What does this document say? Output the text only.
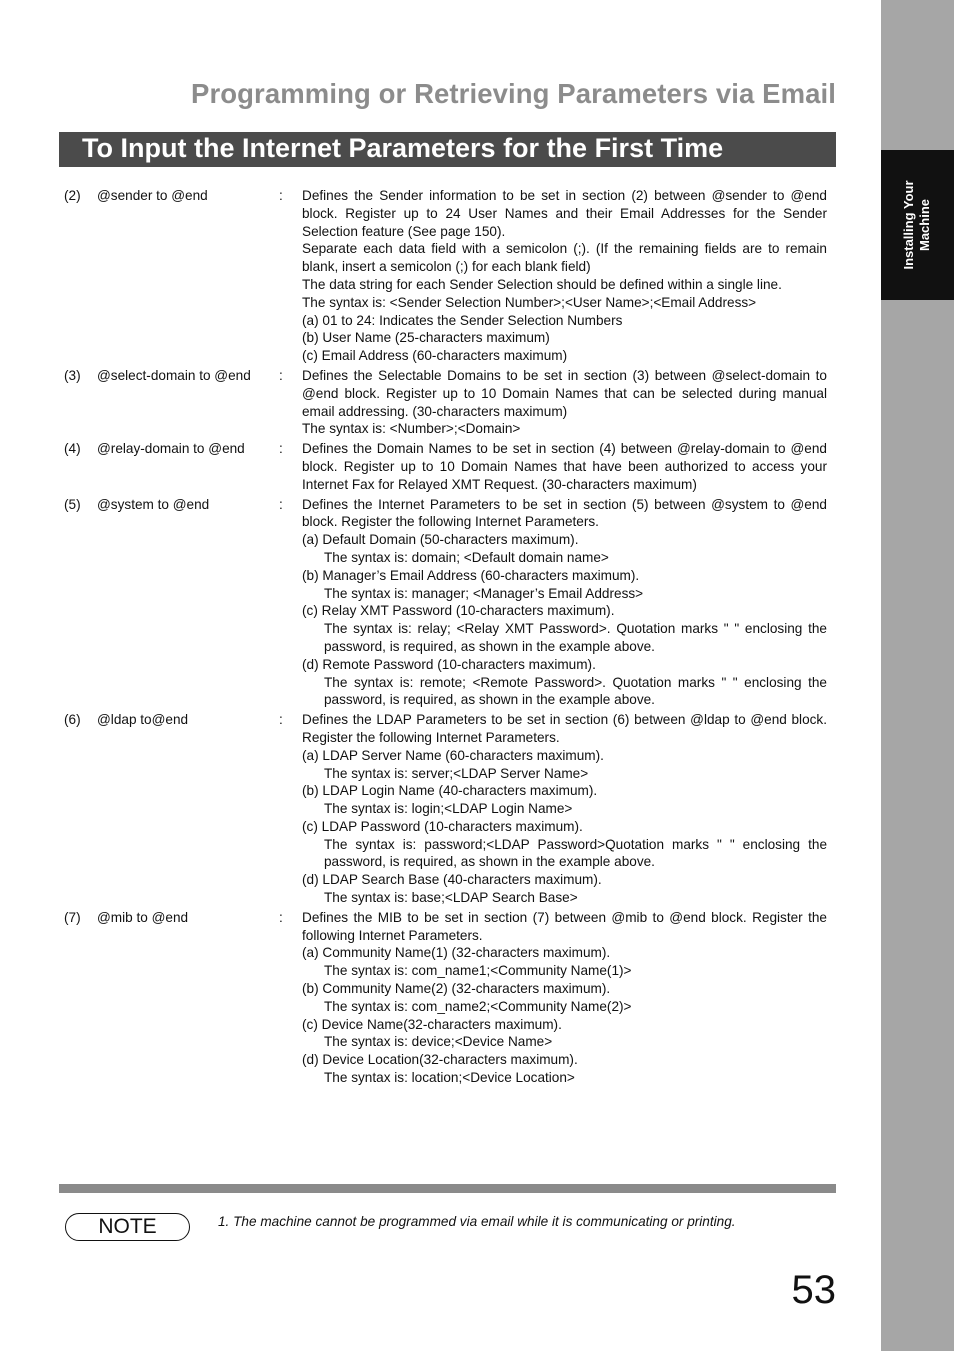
Installing Your
Machine
Programming or Retrieving Parameters via Email
To Input the Internet Parameters for the First Time
(2) @sender to @end	: Defines the Sender information to be set in section (2) between @sender to @end block. Register up to 24 User Names and their Email Addresses for the Sender Selection feature (See page 150).
Separate each data field with a semicolon (;). (If the remaining fields are to remain blank, insert a semicolon (;) for each blank field)
The data string for each Sender Selection should be defined within a single line.
The syntax is: <Sender Selection Number>;<User Name>;<Email Address>
(a) 01 to 24: Indicates the Sender Selection Numbers
(b) User Name (25-characters maximum)
(c) Email Address (60-characters maximum)
(3) @select-domain to @end : Defines the Selectable Domains to be set in section (3) between @select-domain to @end block. Register up to 10 Domain Names that can be selected during manual email addressing. (30-characters maximum)
The syntax is: <Number>;<Domain>
(4) @relay-domain to @end	: Defines the Domain Names to be set in section (4) between @relay-domain to @end block. Register up to 10 Domain Names that have been authorized to access your Internet Fax for Relayed XMT Request. (30-characters maximum)
(5) @system to @end	: Defines the Internet Parameters to be set in section (5) between @system to @end block. Register the following Internet Parameters.
(a) Default Domain (50-characters maximum).
The syntax is: domain; <Default domain name>
(b) Manager’s Email Address (60-characters maximum).
The syntax is: manager; <Manager’s Email Address>
(c) Relay XMT Password (10-characters maximum).
The syntax is: relay; <Relay XMT Password>. Quotation marks " " enclosing the password, is required, as shown in the example above.
(d) Remote Password (10-characters maximum).
The syntax is: remote; <Remote Password>. Quotation marks " " enclosing the password, is required, as shown in the example above.
(6) @ldap to@end	: Defines the LDAP Parameters to be set in section (6) between @ldap to @end block. Register the following Internet Parameters.
(a) LDAP Server Name (60-characters maximum).
The syntax is: server;<LDAP Server Name>
(b) LDAP Login Name (40-characters maximum).
The syntax is: login;<LDAP Login Name>
(c) LDAP Password (10-characters maximum).
The syntax is: password;<LDAP Password>Quotation marks " " enclosing the password, is required, as shown in the example above.
(d) LDAP Search Base (40-characters maximum).
The syntax is: base;<LDAP Search Base>
(7) @mib to @end	: Defines the MIB to be set in section (7) between @mib to @end block. Register the following Internet Parameters.
(a) Community Name(1) (32-characters maximum).
The syntax is: com_name1;<Community Name(1)>
(b) Community Name(2) (32-characters maximum).
The syntax is: com_name2;<Community Name(2)>
(c) Device Name(32-characters maximum).
The syntax is: device;<Device Name>
(d) Device Location(32-characters maximum).
The syntax is: location;<Device Location>
NOTE	1. The machine cannot be programmed via email while it is communicating or printing.
53
